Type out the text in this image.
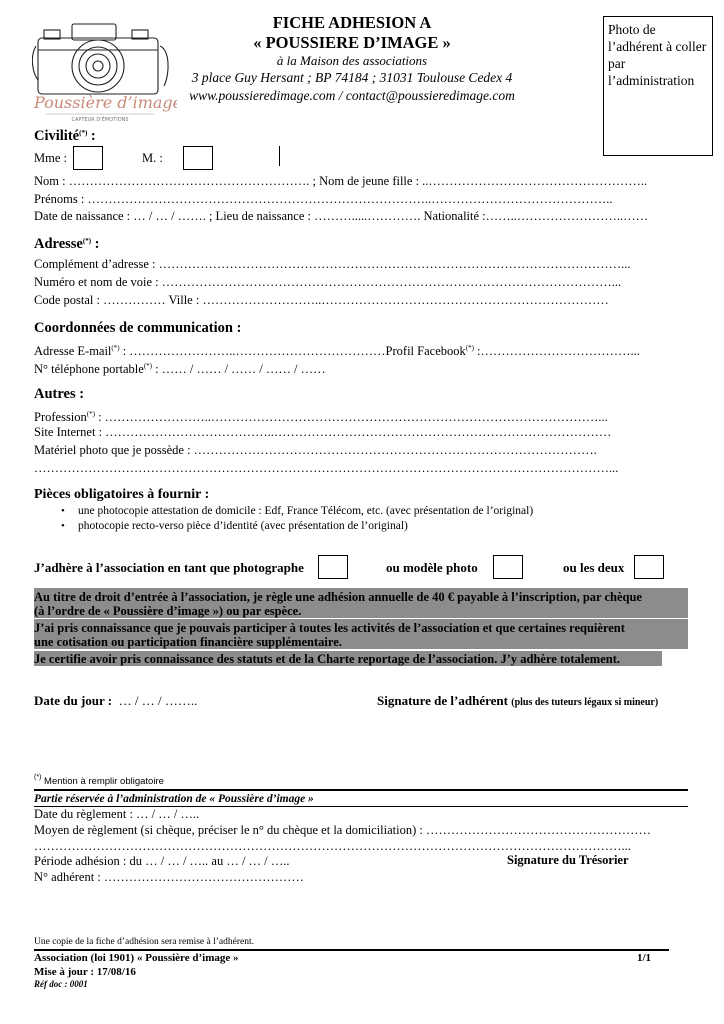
Poussière d’image
CAPTEUR D’ÉMOTIONS
FICHE ADHESION A
« POUSSIERE D’IMAGE »
à la Maison des associations
3 place Guy Hersant ; BP 74184 ; 31031 Toulouse Cedex 4
www.poussieredimage.com / contact@poussieredimage.com
Photo de l’adhérent à coller par l’administration
Civilité(*) :
Mme :	M. :
Nom : …………………………………………………. ; Nom de jeune fille : ..……………………………………………..
Prénoms : ………………………………………………………………………..……………………………………..
Date de naissance : … / … / ……. ; Lieu de naissance : ……….....…………. Nationalité :……..……………………..……
Adresse(*) :
Complément d’adresse : …………………………………………………………………………………………………...
Numéro et nom de voie : ………………………………………………………………………………………………...
Code postal : …………… Ville : ………………………..……………………………………………………………
Coordonnées de communication :
Adresse E-mail(*) : ……………………..………………………………Profil Facebook(*) :………………………………...
N° téléphone portable(*) : …… / …… / …… / …… / ……
Autres :
Profession(*) : ……………………..…………………………………………………………………………………...
Site Internet : …………………………………..………………………………………………………………………
Matériel photo que je possède : …………………………………………………………………………………….
…………………………………………………………………………………………………………………………...
Pièces obligatoires à fournir :
• une photocopie attestation de domicile : Edf, France Télécom, etc. (avec présentation de l’original)
• photocopie recto-verso pièce d’identité (avec présentation de l’original)
J’adhère à l’association en tant que photographe	ou modèle photo	ou les deux
Au titre de droit d’entrée à l’association, je règle une adhésion annuelle de 40 € payable à l’inscription, par chèque
(à l’ordre de « Poussière d’image ») ou par espèce.
J’ai pris connaissance que je pouvais participer à toutes les activités de l’association et que certaines requièrent
une cotisation ou participation financière supplémentaire.
Je certifie avoir pris connaissance des statuts et de la Charte reportage de l’association. J’y adhère totalement.
Date du jour : … / … / ……..	Signature de l’adhérent (plus des tuteurs légaux si mineur)
(*) Mention à remplir obligatoire
Partie réservée à l’administration de « Poussière d’image »
Date du règlement : … / … / …..
Moyen de règlement (si chèque, préciser le n° du chèque et la domiciliation) : ………………………………………………
……………………………………………………………………………………………………………………………...
Période adhésion : du … / … / ….. au … / … / …..	Signature du Trésorier
N° adhérent : …………………………………………
Une copie de la fiche d’adhésion sera remise à l’adhérent.
Association (loi 1901) « Poussière d’image »	1/1
Mise à jour : 17/08/16
Réf doc : 0001
